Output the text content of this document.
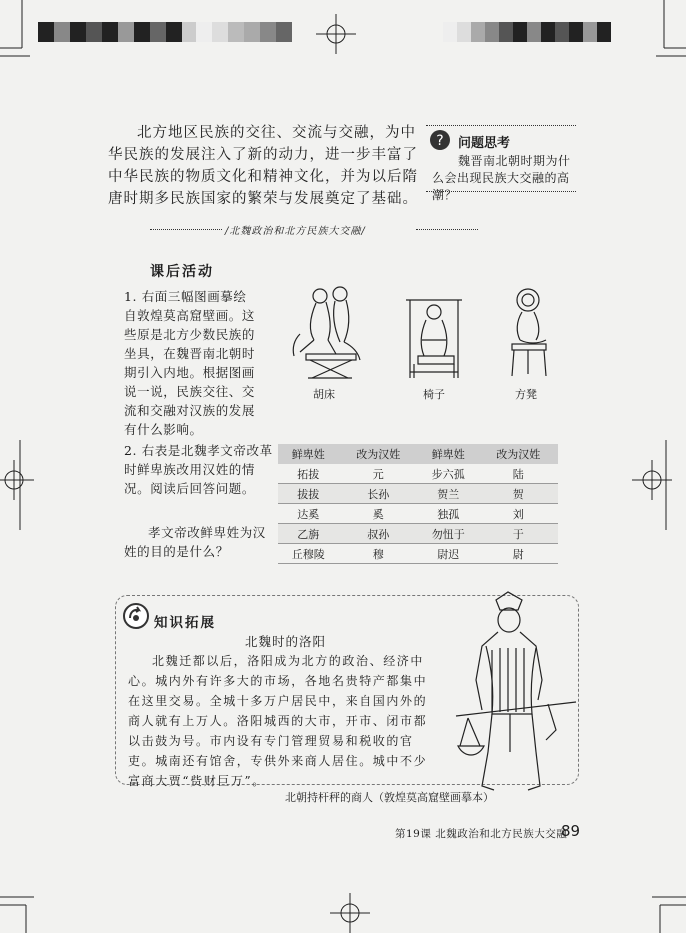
北方地区民族的交往、交流与交融，为中华民族的发展注入了新的动力，进一步丰富了中华民族的物质文化和精神文化，并为以后隋唐时期多民族国家的繁荣与发展奠定了基础。
? 问题思考
魏晋南北朝时期为什么会出现民族大交融的高潮？
/北魏政治和北方民族大交融/
课后活动
1. 右面三幅图画摹绘自敦煌莫高窟壁画。这些原是北方少数民族的坐具，在魏晋南北朝时期引入内地。根据图画说一说，民族交往、交流和交融对汉族的发展有什么影响。
胡床	椅子	方凳
2. 右表是北魏孝文帝改革时鲜卑族改用汉姓的情况。阅读后回答问题。
孝文帝改鲜卑姓为汉姓的目的是什么？
鲜卑姓	改为汉姓	鲜卑姓	改为汉姓
拓拔	元	步六孤	陆
拔拔	长孙	贺兰	贺
达奚	奚	独孤	刘
乙旃	叔孙	勿忸于	于
丘穆陵	穆	尉迟	尉
知识拓展
北魏时的洛阳
北魏迁都以后，洛阳成为北方的政治、经济中心。城内外有许多大的市场，各地名贵特产都集中在这里交易。全城十多万户居民中，来自国内外的商人就有上万人。洛阳城西的大市，开市、闭市都以击鼓为号。市内设有专门管理贸易和税收的官吏。城南还有馆舍，专供外来商人居住。城中不少富商大贾“赀财巨万”。
北朝持杆秤的商人（敦煌莫高窟壁画摹本）
第19课 北魏政治和北方民族大交融
89
